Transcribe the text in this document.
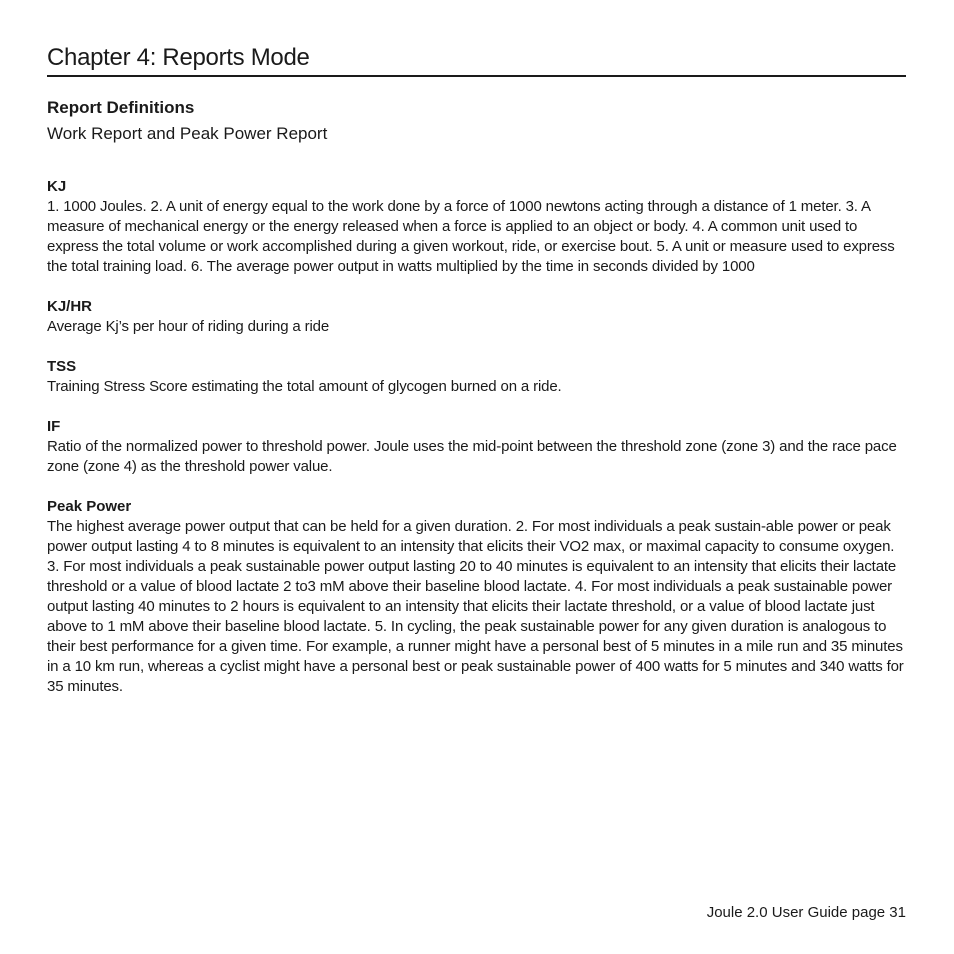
Chapter 4: Reports Mode
Report Definitions

Work Report and Peak Power Report

KJ

1. 1000 Joules. 2. A unit of energy equal to the work done by a force of 1000 newtons acting through a distance of 1 meter. 3. A measure of mechanical energy or the energy released when a force is applied to an object or body. 4. A common unit used to express the total volume or work accomplished during a given workout, ride, or exercise bout. 5. A unit or measure used to express the total training load. 6. The average power output in watts multiplied by the time in seconds divided by 1000

KJ/HR

Average Kj’s per hour of riding during a ride

TSS

Training Stress Score estimating the total amount of glycogen burned on a ride.

IF

Ratio of the normalized power to threshold power. Joule uses the mid-point between the threshold zone (zone 3) and the race pace zone (zone 4) as the threshold power value.

Peak Power

The highest average power output that can be held for a given duration. 2. For most individuals a peak sustain-able power or peak power output lasting 4 to 8 minutes is equivalent to an intensity that elicits their VO2 max, or maximal capacity to consume oxygen. 3. For most individuals a peak sustainable power output lasting 20 to 40 minutes is equivalent to an intensity that elicits their lactate threshold or a value of blood lactate 2 to3 mM above their baseline blood lactate. 4. For most individuals a peak sustainable power output lasting 40 minutes to 2 hours is equivalent to an intensity that elicits their lactate threshold, or a value of blood lactate just above to 1 mM above their baseline blood lactate. 5. In cycling, the peak sustainable power for any given duration is analogous to their best performance for a given time. For example, a runner might have a personal best of 5 minutes in a mile run and 35 minutes in a 10 km run, whereas a cyclist might have a personal best or peak sustainable power of 400 watts for 5 minutes and 340 watts for 35 minutes.

Joule 2.0 User Guide page 31
